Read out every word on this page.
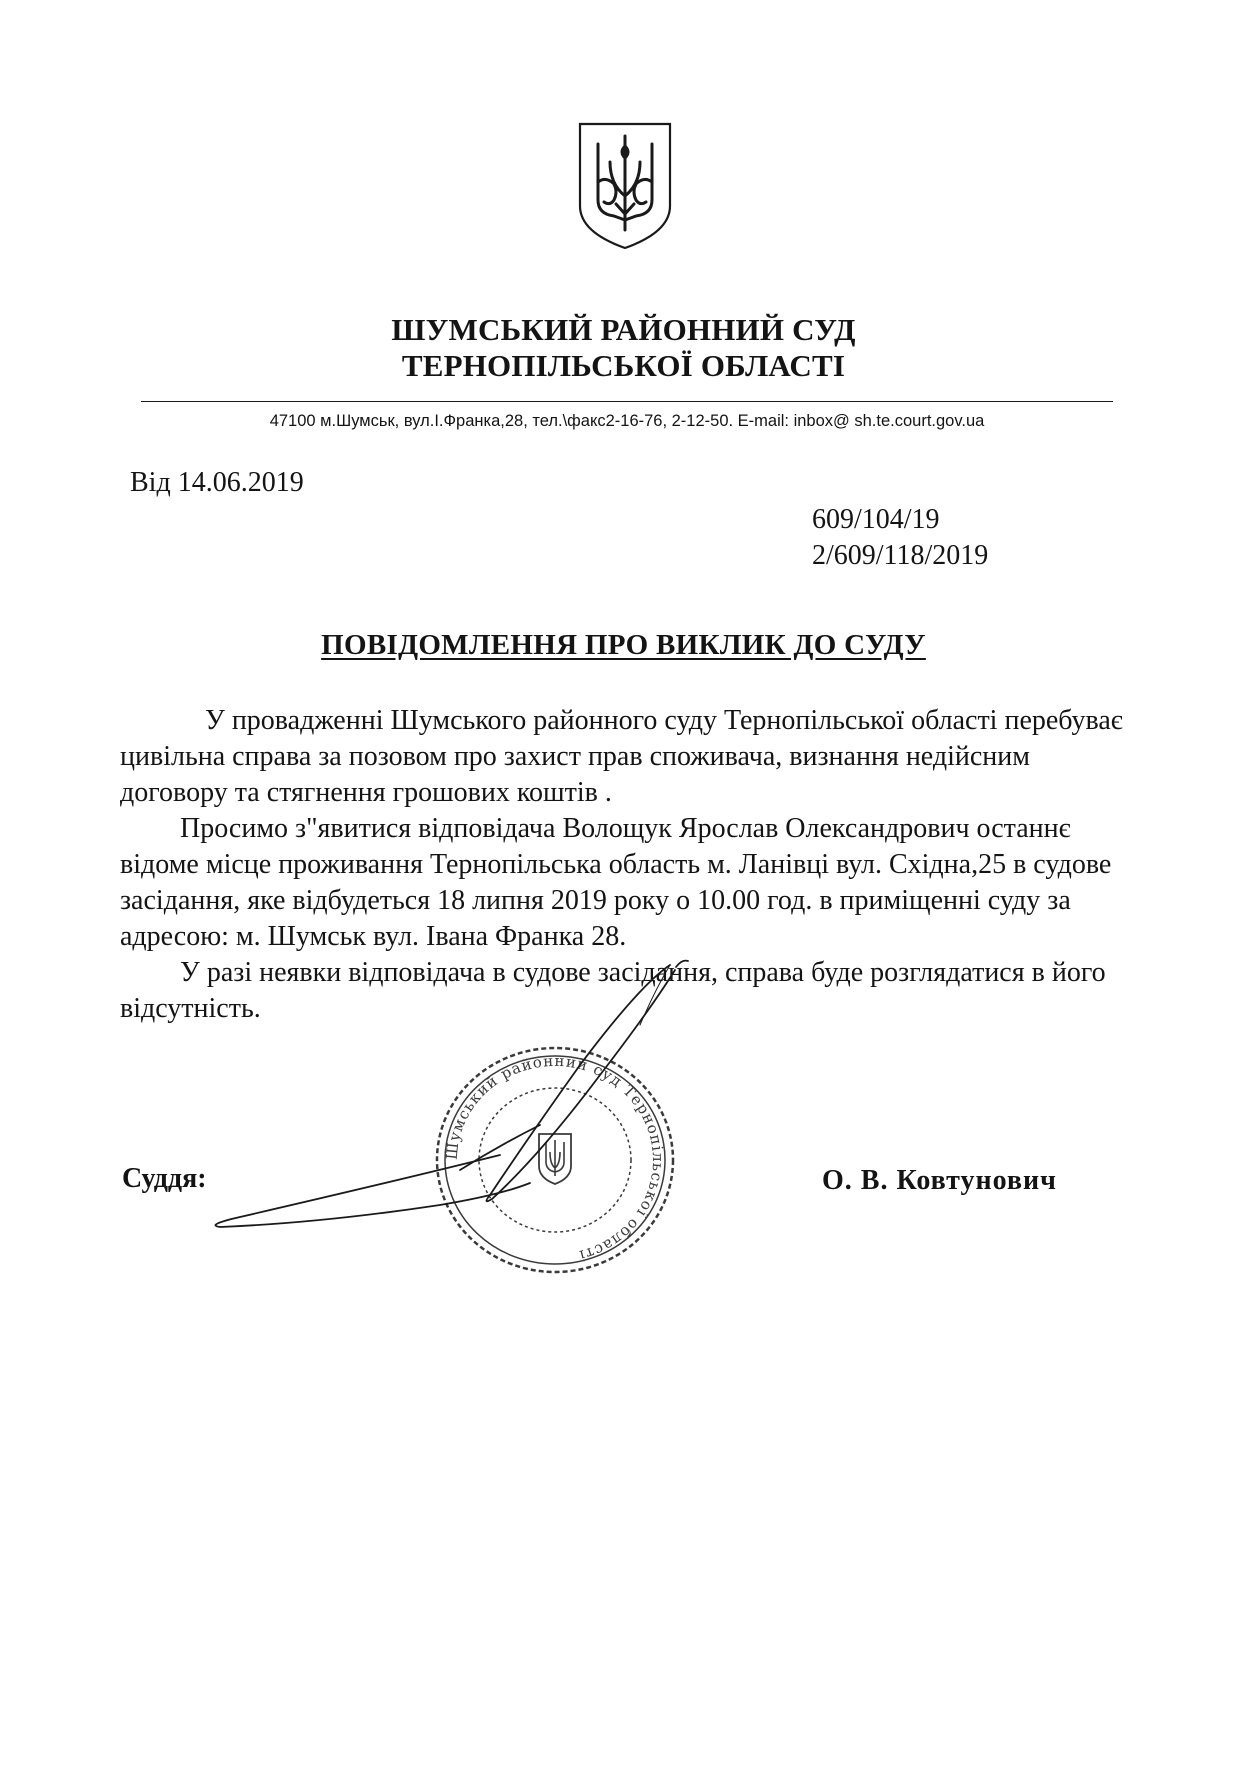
ШУМСЬКИЙ РАЙОННИЙ СУД
ТЕРНОПІЛЬСЬКОЇ ОБЛАСТІ
47100 м.Шумськ, вул.І.Франка,28, тел.\факс2-16-76, 2-12-50. E-mail: inbox@ sh.te.court.gov.ua
Від 14.06.2019
609/104/19
2/609/118/2019
ПОВІДОМЛЕННЯ ПРО ВИКЛИК ДО СУДУ

У провадженні Шумського районного суду Тернопільської області перебуває цивільна справа за позовом про захист прав споживача, визнання недійсним договору та стягнення грошових коштів .

Просимо з"явитися відповідача Волощук Ярослав Олександрович останнє відоме місце проживання Тернопільська область м. Ланівці вул. Східна,25 в судове засідання, яке відбудеться 18 липня 2019 року о 10.00 год. в приміщенні суду за адресою: м. Шумськ вул. Івана Франка 28.

У разі неявки відповідача в судове засідання, справа буде розглядатися в його відсутність.

Суддя:	О. В. Ковтунович
Шумський районний суд Тернопільської області
